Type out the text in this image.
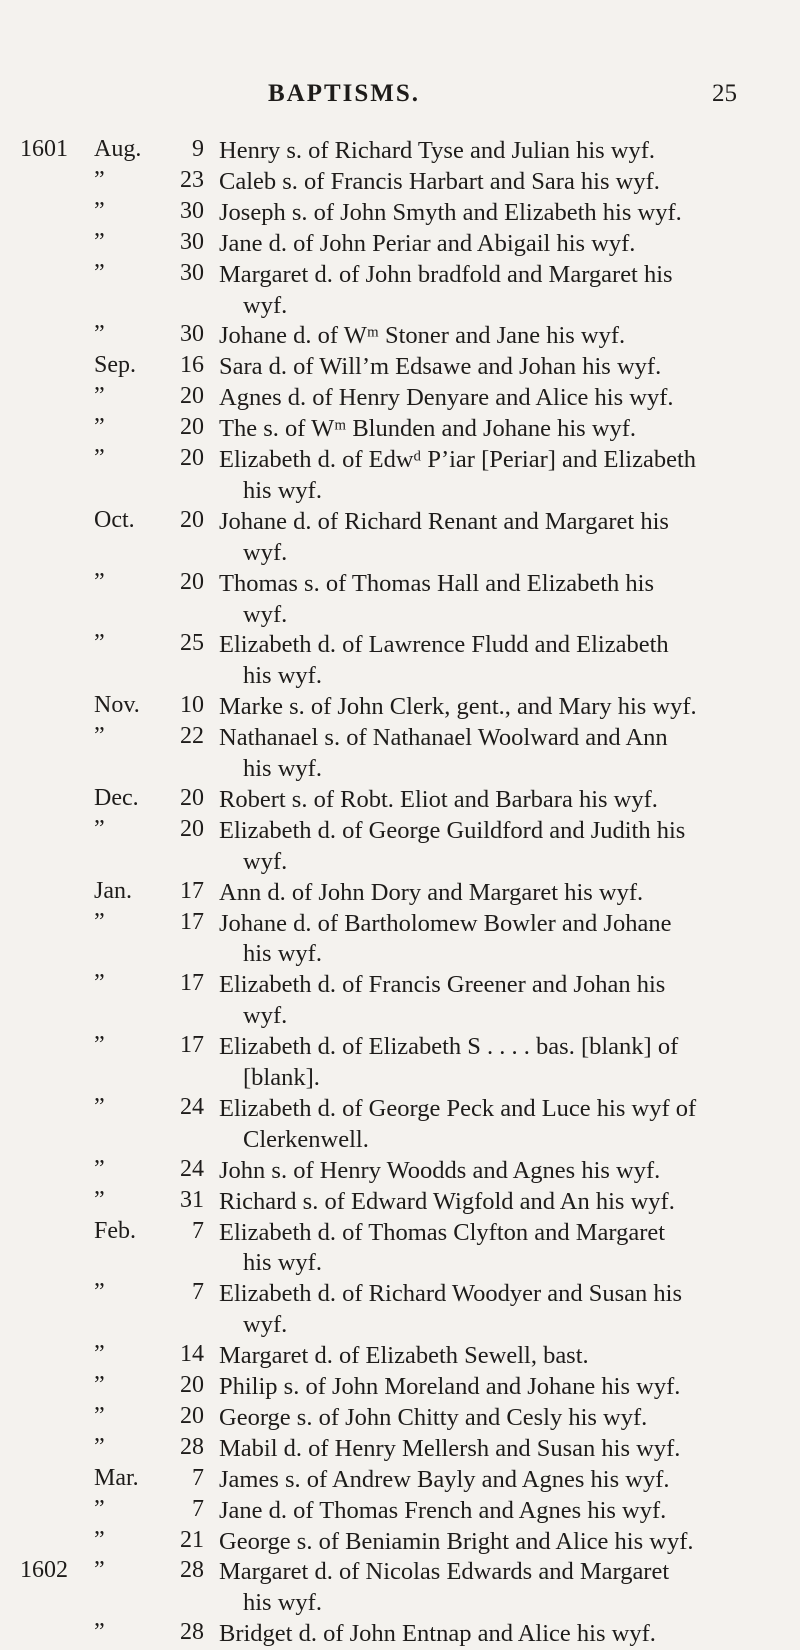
BAPTISMS.	25
1601 Aug.	9 Henry s. of Richard Tyse and Julian his wyf.
”	23 Caleb s. of Francis Harbart and Sara his wyf.
”	30 Joseph s. of John Smyth and Elizabeth his wyf.
”	30 Jane d. of John Periar and Abigail his wyf.
”	30 Margaret d. of John bradfold and Margaret his
wyf.
”	30 Johane d. of Wᵐ Stoner and Jane his wyf.
Sep.	16 Sara d. of Will’m Edsawe and Johan his wyf.
”	20 Agnes d. of Henry Denyare and Alice his wyf.
”	20 The s. of Wᵐ Blunden and Johane his wyf.
”	20 Elizabeth d. of Edwᵈ P’iar [Periar] and Elizabeth
his wyf.
Oct.	20 Johane d. of Richard Renant and Margaret his
wyf.
”	20 Thomas s. of Thomas Hall and Elizabeth his
wyf.
”	25 Elizabeth d. of Lawrence Fludd and Elizabeth
his wyf.
Nov.	10 Marke s. of John Clerk, gent., and Mary his wyf.
”	22 Nathanael s. of Nathanael Woolward and Ann
his wyf.
Dec.	20 Robert s. of Robt. Eliot and Barbara his wyf.
”	20 Elizabeth d. of George Guildford and Judith his
wyf.
Jan.	17 Ann d. of John Dory and Margaret his wyf.
”	17 Johane d. of Bartholomew Bowler and Johane
his wyf.
”	17 Elizabeth d. of Francis Greener and Johan his
wyf.
”	17 Elizabeth d. of Elizabeth S . . . . bas. [blank] of
[blank].
”	24 Elizabeth d. of George Peck and Luce his wyf of
Clerkenwell.
”	24 John s. of Henry Woodds and Agnes his wyf.
”	31 Richard s. of Edward Wigfold and An his wyf.
Feb.	7 Elizabeth d. of Thomas Clyfton and Margaret
his wyf.
”	7 Elizabeth d. of Richard Woodyer and Susan his
wyf.
”	14 Margaret d. of Elizabeth Sewell, bast.
”	20 Philip s. of John Moreland and Johane his wyf.
”	20 George s. of John Chitty and Cesly his wyf.
”	28 Mabil d. of Henry Mellersh and Susan his wyf.
Mar.	7 James s. of Andrew Bayly and Agnes his wyf.
”	7 Jane d. of Thomas French and Agnes his wyf.
”	21 George s. of Beniamin Bright and Alice his wyf.
1602 ”	28 Margaret d. of Nicolas Edwards and Margaret
his wyf.
”	28 Bridget d. of John Entnap and Alice his wyf.
